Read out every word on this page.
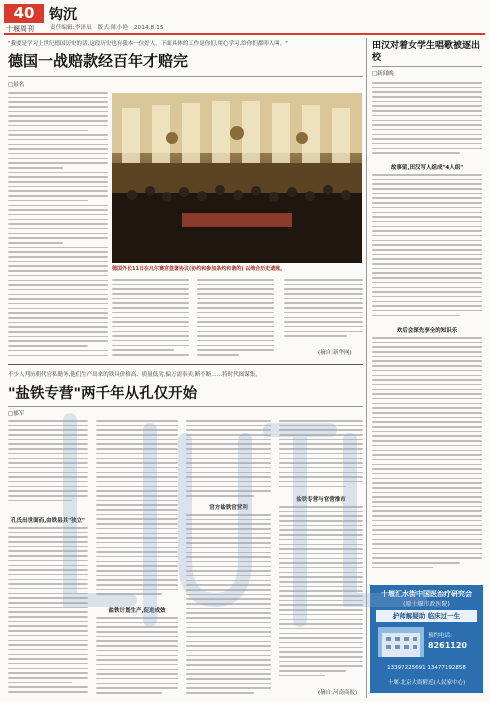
40
十堰周刊
钩沉
责任编辑:李泽辰　版式:陈小艳　2014.8.15
"我要是学习上世纪德国历史的话,这段历史也有我本一位好人。下面具体的工作是你们,用心学习,给你们都叩人叫。"
德国一战赔款经百年才赔完
□悬名
德国外长11日在凡尔赛宫签署协议(协约和参加条约和谐的) 以缔合历史遗账。
(摘自:新华网)
不少人判历朝代官私勤务,他们生产出来的铁具价格高、质量低劣,偏万需奉卖,断不断……特时代图谋集。
"盐铁专营"两千年从孔仅开始
□郁军
孔氏出世面而,由铁县其"独立"
盐铁计划生产,促进成效
官方盐铁官营利
盐铁专营与官营推市
(摘自:河南商报)
田汉对着女学生唱歌被逐出校
□新闻晚
故事留,田汉写人组成"4人组"
欢后会深先享全的知识乐
十堰汇水街中国医治疗研究会
(原十堰市政医院)
护师解疑助 临床过一生
预约电话:
8261120
13397225691 13477192858
十堰·北京大街附近(人民家中心)
